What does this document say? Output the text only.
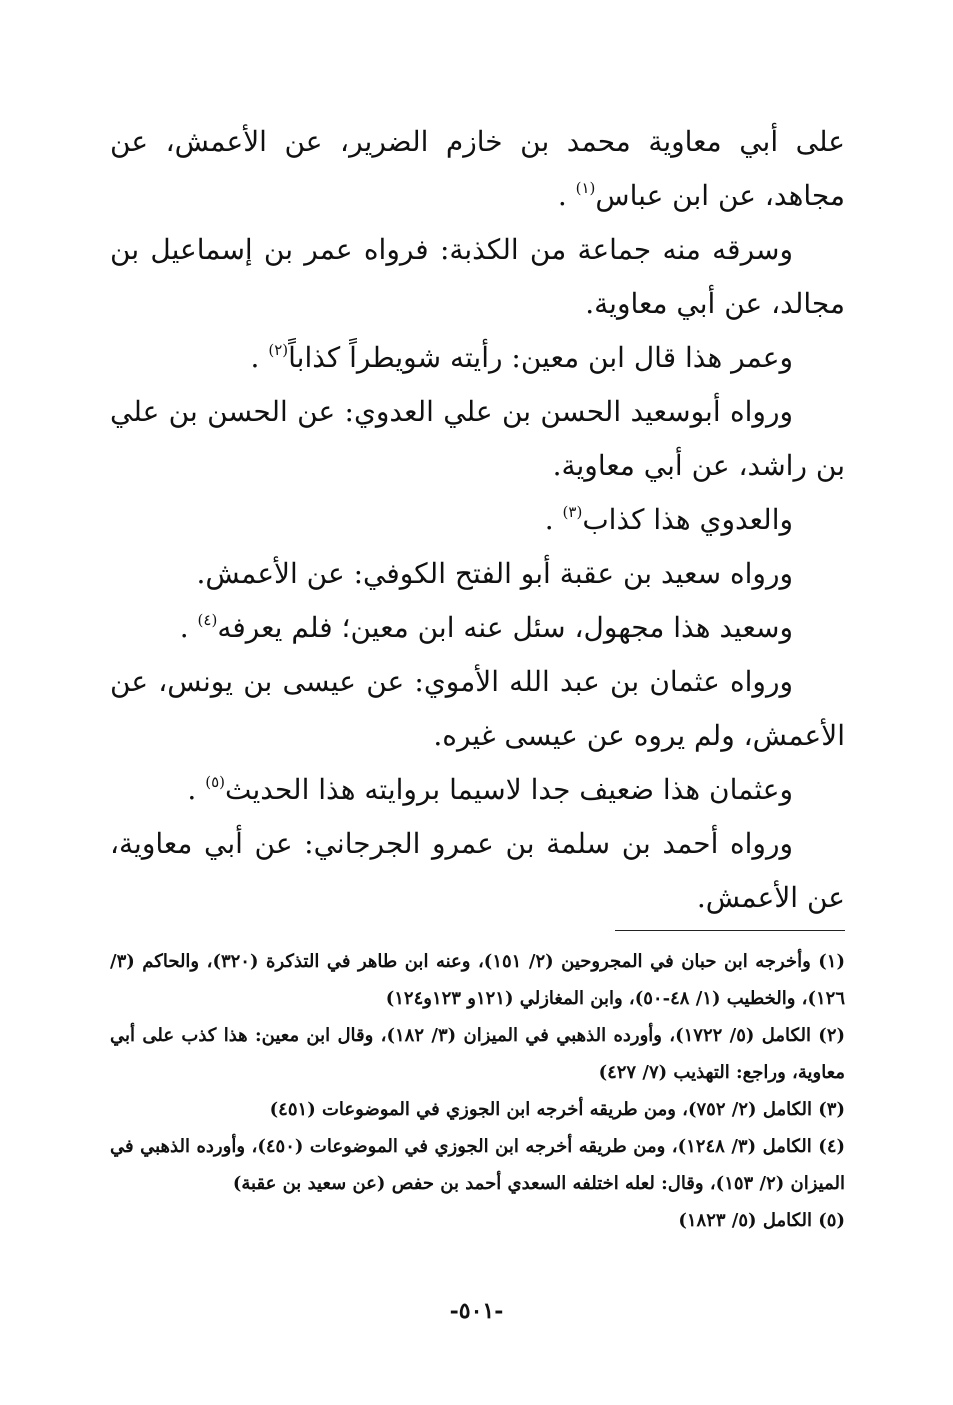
على أبي معاوية محمد بن خازم الضرير، عن الأعمش، عن مجاهد، عن ابن عباس$^{(١)}$ .

وسرقه منه جماعة من الكذبة: فرواه عمر بن إسماعيل بن مجالد، عن أبي معاوية.

وعمر هذا قال ابن معين: رأيته شويطراً كذاباً$^{(٢)}$ .

ورواه أبوسعيد الحسن بن علي العدوي: عن الحسن بن علي بن راشد، عن أبي معاوية.

والعدوي هذا كذاب$^{(٣)}$ .

ورواه سعيد بن عقبة أبو الفتح الكوفي: عن الأعمش.

وسعيد هذا مجهول، سئل عنه ابن معين؛ فلم يعرفه$^{(٤)}$ .

ورواه عثمان بن عبد الله الأموي: عن عيسى بن يونس، عن الأعمش، ولم يروه عن عيسى غيره.

وعثمان هذا ضعيف جدا لاسيما بروايته هذا الحديث$^{(٥)}$ .

ورواه أحمد بن سلمة بن عمرو الجرجاني: عن أبي معاوية، عن الأعمش.

(١) وأخرجه ابن حبان في المجروحين (٢/ ١٥١)، وعنه ابن طاهر في التذكرة (٣٢٠)، والحاكم (٣/ ١٢٦)، والخطيب (١/ ٤٨-٥٠)، وابن المغازلي (١٢١و ١٢٣و١٢٤)

(٢) الكامل (٥/ ١٧٢٢)، وأورده الذهبي في الميزان (٣/ ١٨٢)، وقال ابن معين: هذا كذب على أبي معاوية، وراجع: التهذيب (٧/ ٤٢٧)

(٣) الكامل (٢/ ٧٥٢)، ومن طريقه أخرجه ابن الجوزي في الموضوعات (٤٥١)

(٤) الكامل (٣/ ١٢٤٨)، ومن طريقه أخرجه ابن الجوزي في الموضوعات (٤٥٠)، وأورده الذهبي في الميزان (٢/ ١٥٣)، وقال: لعله اختلفه السعدي أحمد بن حفص (عن سعيد بن عقبة)

(٥) الكامل (٥/ ١٨٢٣)

-٥٠١-
